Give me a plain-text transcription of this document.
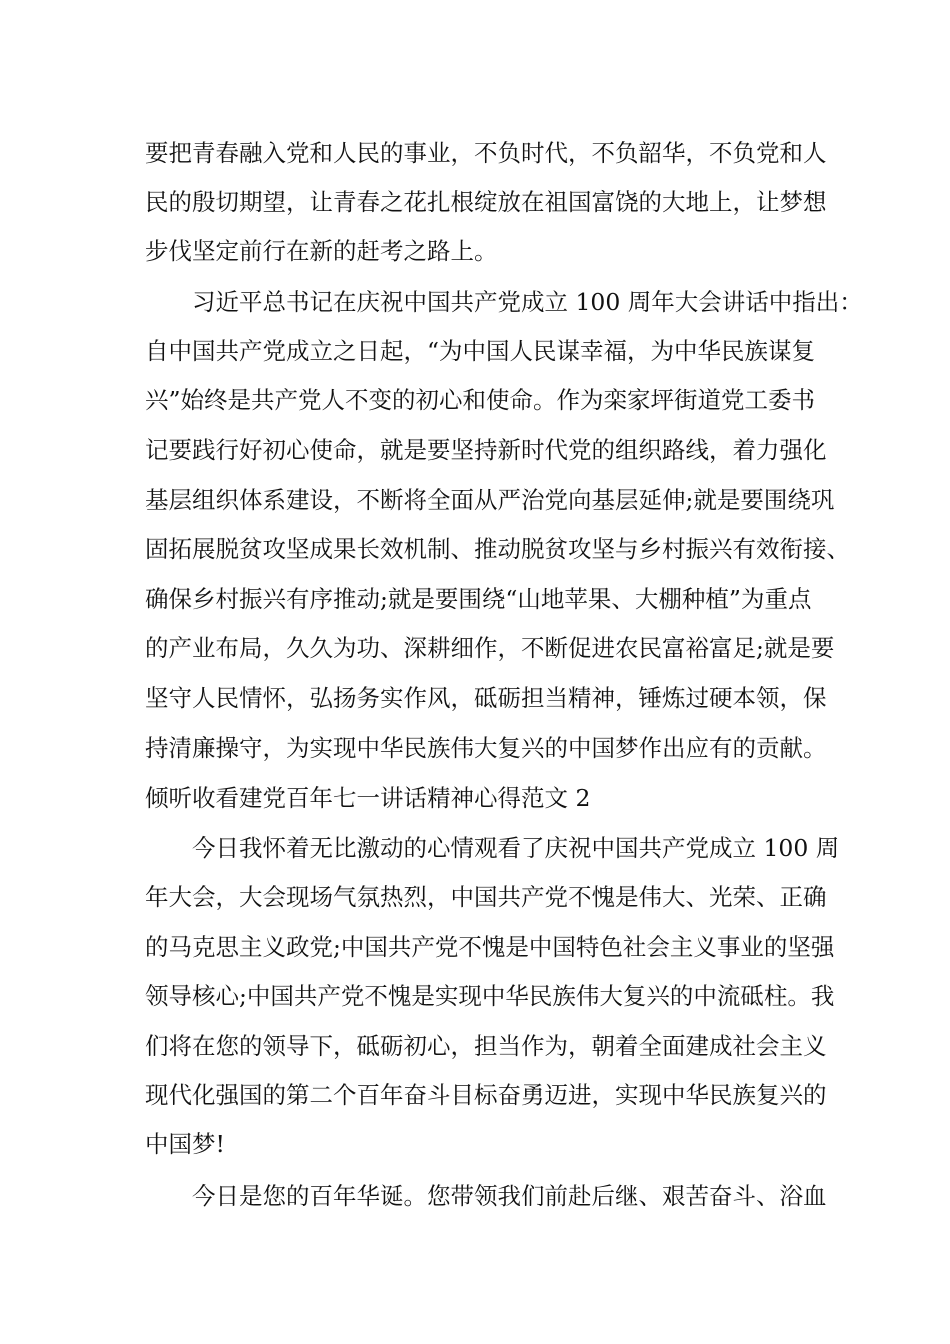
要把青春融入党和人民的事业，不负时代，不负韶华，不负党和人
民的殷切期望，让青春之花扎根绽放在祖国富饶的大地上，让梦想
步伐坚定前行在新的赶考之路上。
习近平总书记在庆祝中国共产党成立 100 周年大会讲话中指出：
自中国共产党成立之日起，“为中国人民谋幸福，为中华民族谋复
兴”始终是共产党人不变的初心和使命。作为栾家坪街道党工委书
记要践行好初心使命，就是要坚持新时代党的组织路线，着力强化
基层组织体系建设，不断将全面从严治党向基层延伸;就是要围绕巩
固拓展脱贫攻坚成果长效机制、推动脱贫攻坚与乡村振兴有效衔接、
确保乡村振兴有序推动;就是要围绕“山地苹果、大棚种植”为重点
的产业布局，久久为功、深耕细作，不断促进农民富裕富足;就是要
坚守人民情怀，弘扬务实作风，砥砺担当精神，锤炼过硬本领，保
持清廉操守，为实现中华民族伟大复兴的中国梦作出应有的贡献。
倾听收看建党百年七一讲话精神心得范文 2
今日我怀着无比激动的心情观看了庆祝中国共产党成立 100 周
年大会，大会现场气氛热烈，中国共产党不愧是伟大、光荣、正确
的马克思主义政党;中国共产党不愧是中国特色社会主义事业的坚强
领导核心;中国共产党不愧是实现中华民族伟大复兴的中流砥柱。我
们将在您的领导下，砥砺初心，担当作为，朝着全面建成社会主义
现代化强国的第二个百年奋斗目标奋勇迈进，实现中华民族复兴的
中国梦!
今日是您的百年华诞。您带领我们前赴后继、艰苦奋斗、浴血
